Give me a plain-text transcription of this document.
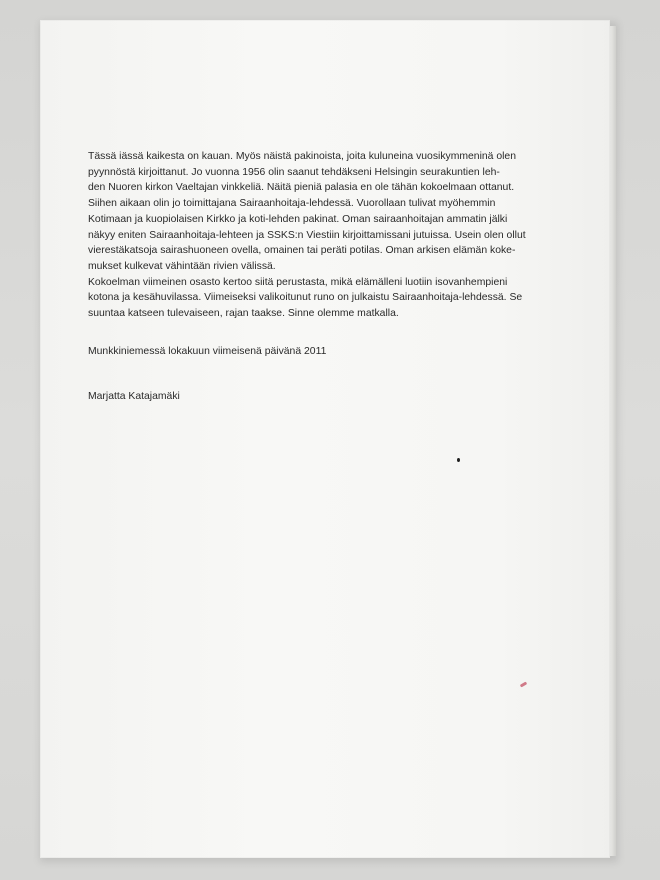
Tässä iässä kaikesta on kauan. Myös näistä pakinoista, joita kuluneina vuosikymmeninä olen
pyynnöstä kirjoittanut. Jo vuonna 1956 olin saanut tehdäkseni Helsingin seurakuntien leh-
den Nuoren kirkon Vaeltajan vinkkeliä. Näitä pieniä palasia en ole tähän kokoelmaan ottanut.
Siihen aikaan olin jo toimittajana Sairaanhoitaja-lehdessä. Vuorollaan tulivat myöhemmin
Kotimaan ja kuopiolaisen Kirkko ja koti-lehden pakinat. Oman sairaanhoitajan ammatin jälki
näkyy eniten Sairaanhoitaja-lehteen ja SSKS:n Viestiin kirjoittamissani jutuissa. Usein olen ollut
vierestäkatsoja sairashuoneen ovella, omainen tai peräti potilas. Oman arkisen elämän koke-
mukset kulkevat vähintään rivien välissä.
Kokoelman viimeinen osasto kertoo siitä perustasta, mikä elämälleni luotiin isovanhempieni
kotona ja kesähuvilassa. Viimeiseksi valikoitunut runo on julkaistu Sairaanhoitaja-lehdessä. Se
suuntaa katseen tulevaiseen, rajan taakse. Sinne olemme matkalla.
Munkkiniemessä lokakuun viimeisenä päivänä 2011
Marjatta Katajamäki
